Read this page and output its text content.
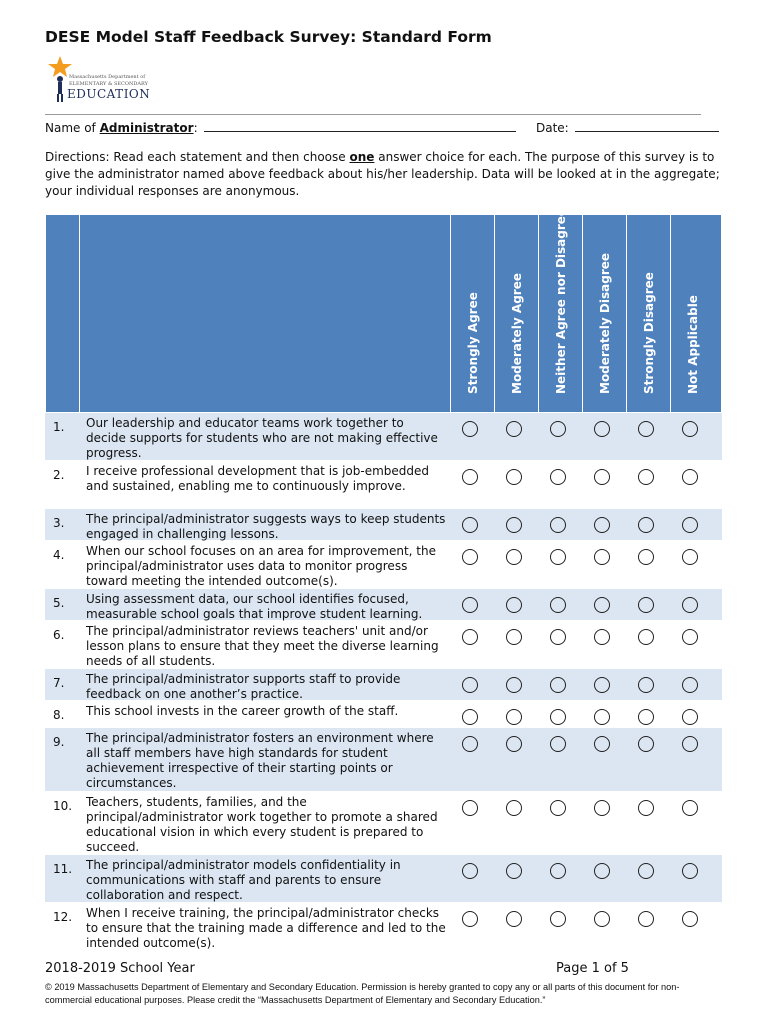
DESE Model Staff Feedback Survey: Standard Form
Massachusetts Department of
ELEMENTARY & SECONDARY
EDUCATION
Name of Administrator:	Date:
Directions: Read each statement and then choose one answer choice for each. The purpose of this survey is to give the administrator named above feedback about his/her leadership. Data will be looked at in the aggregate; your individual responses are anonymous.
Strongly Agree	Moderately Agree	Neither Agree nor Disagree	Moderately Disagree	Strongly Disagree	Not Applicable
1.	Our leadership and educator teams work together to decide supports for students who are not making effective progress.
2.	I receive professional development that is job-embedded and sustained, enabling me to continuously improve.
3.	The principal/administrator suggests ways to keep students engaged in challenging lessons.
4.	When our school focuses on an area for improvement, the principal/administrator uses data to monitor progress toward meeting the intended outcome(s).
5.	Using assessment data, our school identifies focused, measurable school goals that improve student learning.
6.	The principal/administrator reviews teachers' unit and/or lesson plans to ensure that they meet the diverse learning needs of all students.
7.	The principal/administrator supports staff to provide feedback on one another’s practice.
8.	This school invests in the career growth of the staff.
9.	The principal/administrator fosters an environment where all staff members have high standards for student achievement irrespective of their starting points or circumstances.
10. Teachers, students, families, and the principal/administrator work together to promote a shared educational vision in which every student is prepared to succeed.
11. The principal/administrator models confidentiality in communications with staff and parents to ensure collaboration and respect.
12. When I receive training, the principal/administrator checks to ensure that the training made a difference and led to the intended outcome(s).
2018-2019 School Year	Page 1 of 5
© 2019 Massachusetts Department of Elementary and Secondary Education. Permission is hereby granted to copy any or all parts of this document for non-commercial educational purposes. Please credit the “Massachusetts Department of Elementary and Secondary Education.”
